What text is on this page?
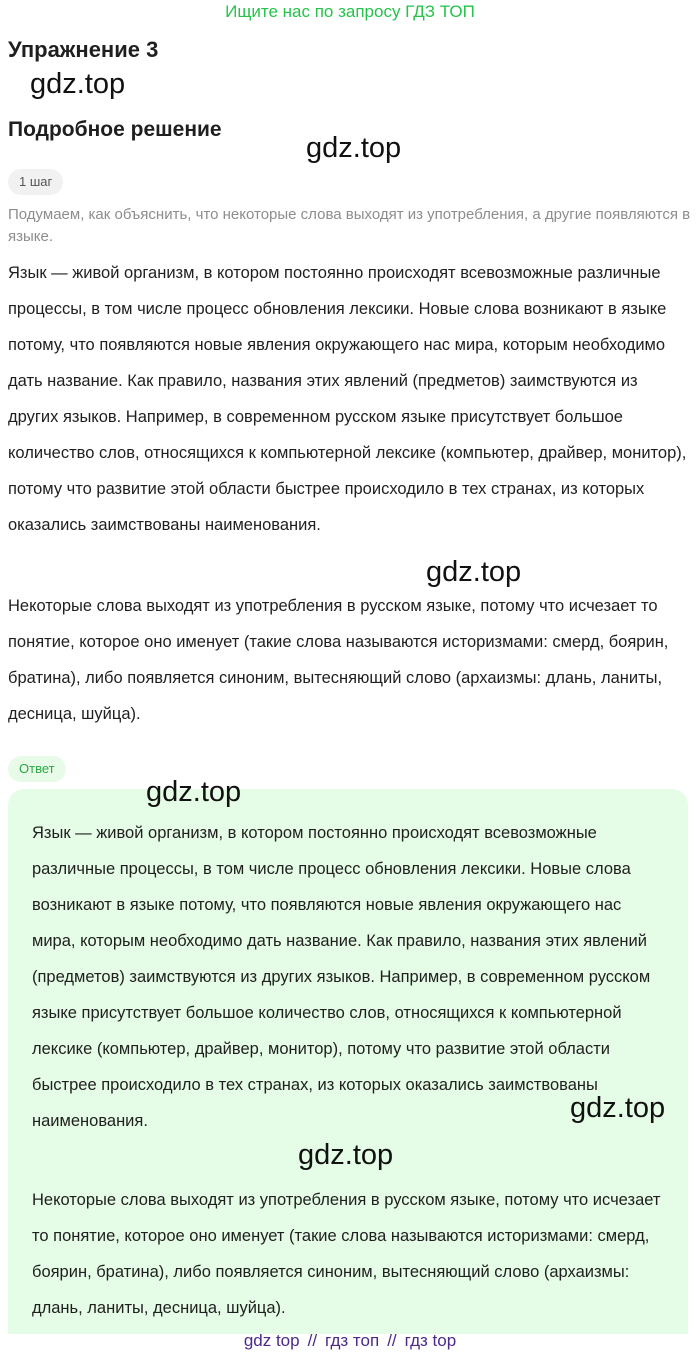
Ищите нас по запросу ГДЗ ТОП
Упражнение 3
gdz.top
Подробное решение
gdz.top
1 шаг

Подумаем, как объяснить, что некоторые слова выходят из употребления, а другие появляются в языке.

Язык — живой организм, в котором постоянно происходят всевозможные различные процессы, в том числе процесс обновления лексики. Новые слова возникают в языке потому, что появляются новые явления окружающего нас мира, которым необходимо дать название. Как правило, названия этих явлений (предметов) заимствуются из других языков. Например, в современном русском языке присутствует большое количество слов, относящихся к компьютерной лексике (компьютер, драйвер, монитор), потому что развитие этой области быстрее происходило в тех странах, из которых оказались заимствованы наименования.

gdz.top

Некоторые слова выходят из употребления в русском языке, потому что исчезает то понятие, которое оно именует (такие слова называются историзмами: смерд, боярин, братина), либо появляется синоним, вытесняющий слово (архаизмы: длань, ланиты, десница, шуйца).

Ответ

Язык — живой организм, в котором постоянно происходят всевозможные различные процессы, в том числе процесс обновления лексики. Новые слова возникают в языке потому, что появляются новые явления окружающего нас мира, которым необходимо дать название. Как правило, названия этих явлений (предметов) заимствуются из других языков. Например, в современном русском языке присутствует большое количество слов, относящихся к компьютерной лексике (компьютер, драйвер, монитор), потому что развитие этой области быстрее происходило в тех странах, из которых оказались заимствованы наименования.

Некоторые слова выходят из употребления в русском языке, потому что исчезает то понятие, которое оно именует (такие слова называются историзмами: смерд, боярин, братина), либо появляется синоним, вытесняющий слово (архаизмы: длань, ланиты, десница, шуйца).

gdz.top
gdz.top
gdz.top
gdz top // гдз топ // гдз top
